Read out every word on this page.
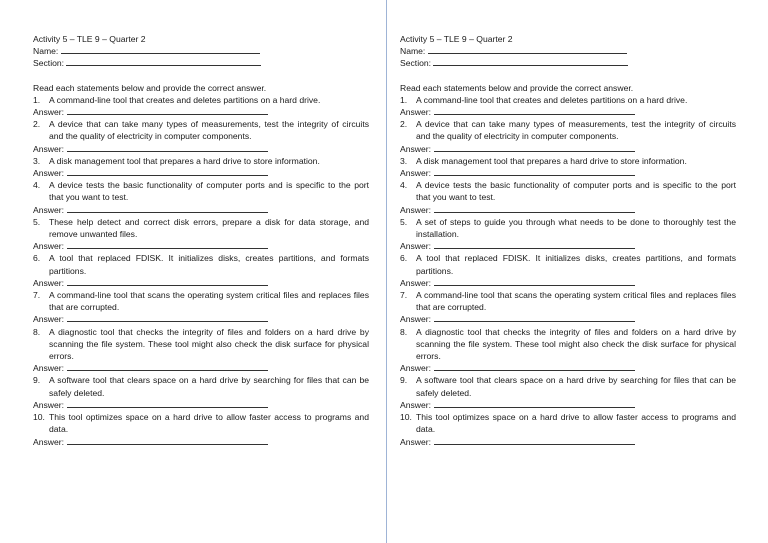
Activity 5 – TLE 9 – Quarter 2
Name:
Section:
Read each statements below and provide the correct answer.
1.	A command-line tool that creates and deletes partitions on a hard drive.
Answer:
2.	A device that can take many types of measurements, test the integrity of circuits and the quality of electricity in computer components.
Answer:
3.	A disk management tool that prepares a hard drive to store information.
Answer:
4.	A device tests the basic functionality of computer ports and is specific to the port that you want to test.
Answer:
5.	These help detect and correct disk errors, prepare a disk for data storage, and remove unwanted files.
Answer:
6.	A tool that replaced FDISK. It initializes disks, creates partitions, and formats partitions.
Answer:
7.	A command-line tool that scans the operating system critical files and replaces files that are corrupted.
Answer:
8.	A diagnostic tool that checks the integrity of files and folders on a hard drive by scanning the file system. These tool might also check the disk surface for physical errors.
Answer:
9.	A software tool that clears space on a hard drive by searching for files that can be safely deleted.
Answer:
10. This tool optimizes space on a hard drive to allow faster access to programs and data.
Answer:
Activity 5 – TLE 9 – Quarter 2
Name:
Section:
Read each statements below and provide the correct answer.
1.	A command-line tool that creates and deletes partitions on a hard drive.
Answer:
2.	A device that can take many types of measurements, test the integrity of circuits and the quality of electricity in computer components.
Answer:
3.	A disk management tool that prepares a hard drive to store information.
Answer:
4.	A device tests the basic functionality of computer ports and is specific to the port that you want to test.
Answer:
5.	A set of steps to guide you through what needs to be done to thoroughly test the installation.
Answer:
6.	A tool that replaced FDISK. It initializes disks, creates partitions, and formats partitions.
Answer:
7.	A command-line tool that scans the operating system critical files and replaces files that are corrupted.
Answer:
8.	A diagnostic tool that checks the integrity of files and folders on a hard drive by scanning the file system. These tool might also check the disk surface for physical errors.
Answer:
9.	A software tool that clears space on a hard drive by searching for files that can be safely deleted.
Answer:
10. This tool optimizes space on a hard drive to allow faster access to programs and data.
Answer:
